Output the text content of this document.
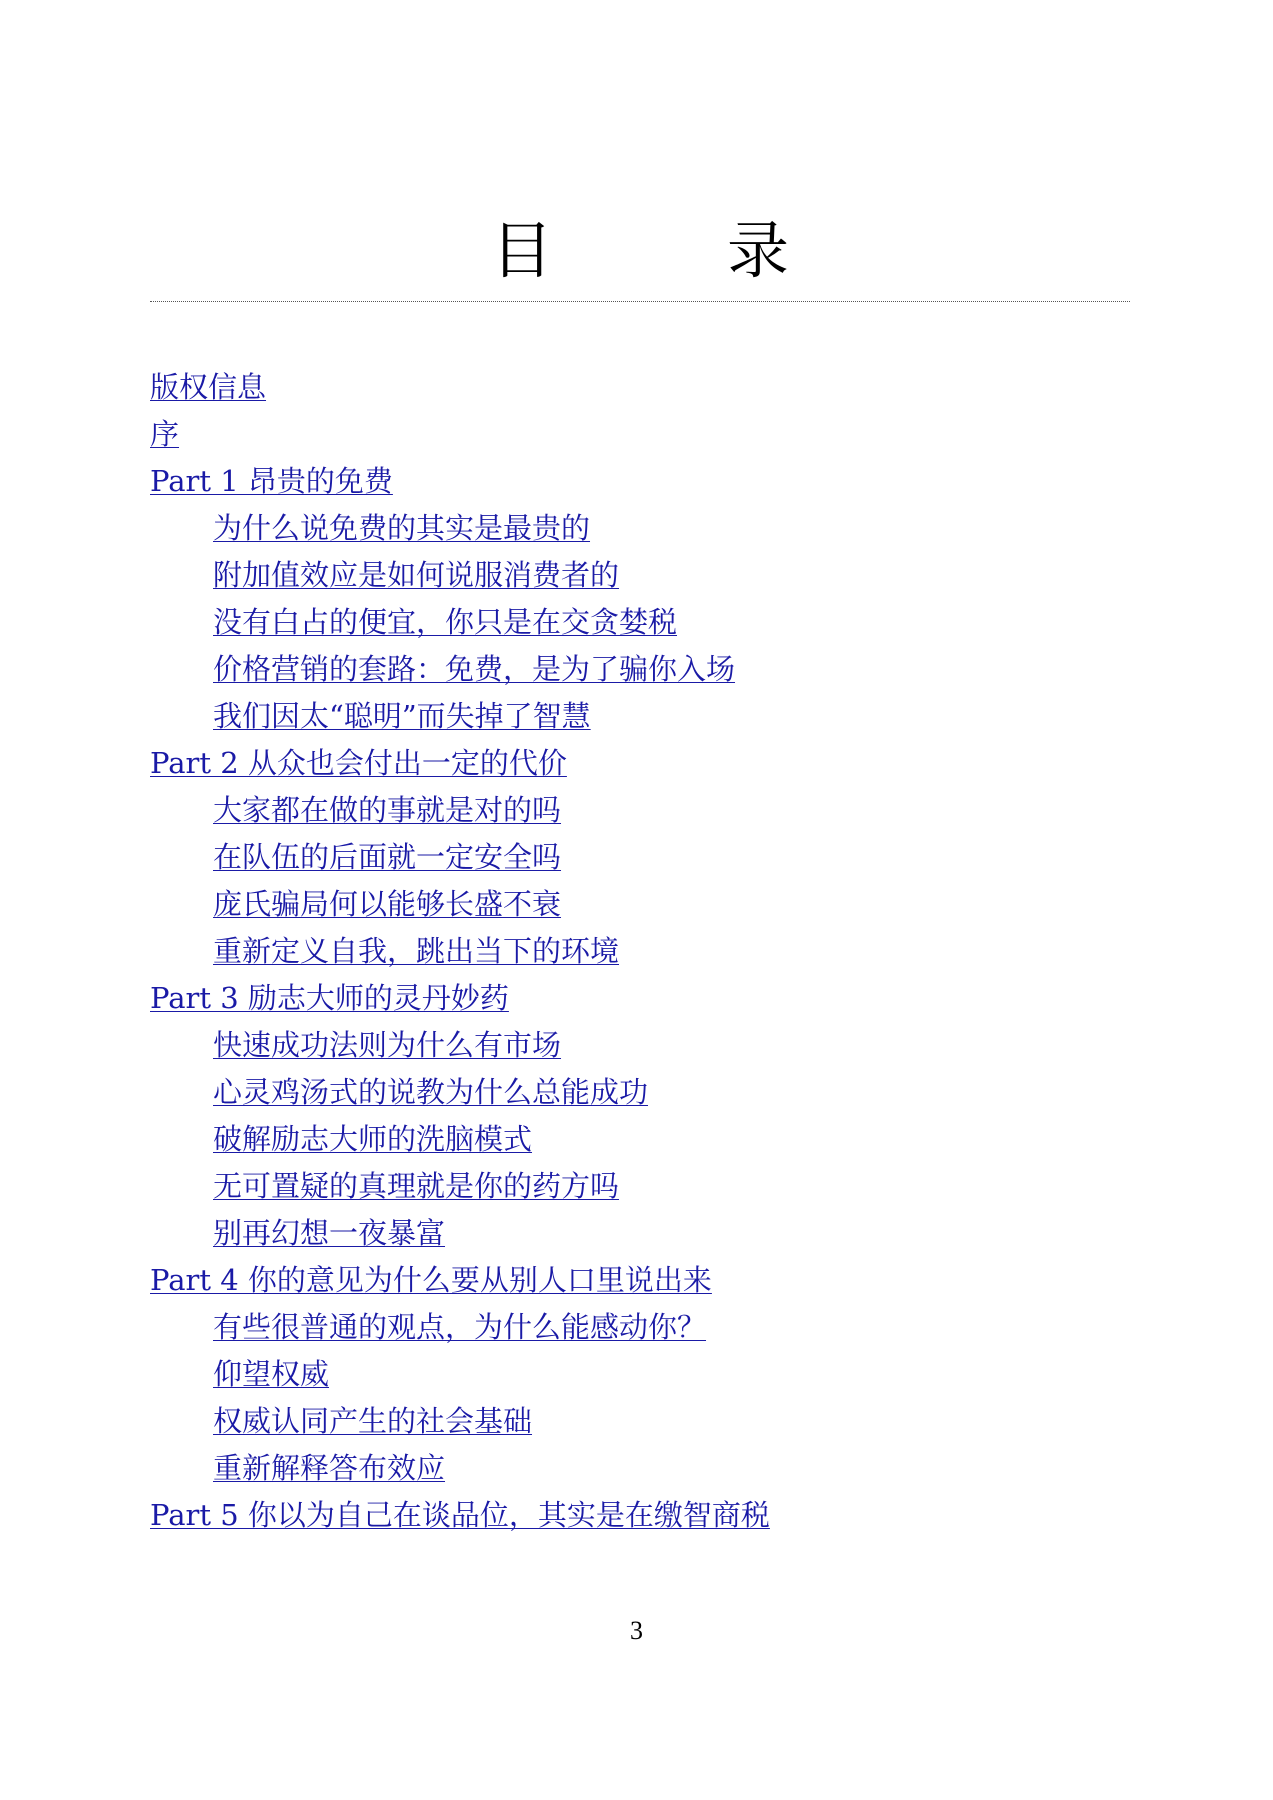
目　录
版权信息
序
Part 1 昂贵的免费
为什么说免费的其实是最贵的
附加值效应是如何说服消费者的
没有白占的便宜，你只是在交贪婪税
价格营销的套路：免费，是为了骗你入场
我们因太“聪明”而失掉了智慧
Part 2 从众也会付出一定的代价
大家都在做的事就是对的吗
在队伍的后面就一定安全吗
庞氏骗局何以能够长盛不衰
重新定义自我，跳出当下的环境
Part 3 励志大师的灵丹妙药
快速成功法则为什么有市场
心灵鸡汤式的说教为什么总能成功
破解励志大师的洗脑模式
无可置疑的真理就是你的药方吗
别再幻想一夜暴富
Part 4 你的意见为什么要从别人口里说出来
有些很普通的观点，为什么能感动你？
仰望权威
权威认同产生的社会基础
重新解释答布效应
Part 5 你以为自己在谈品位，其实是在缴智商税
3
